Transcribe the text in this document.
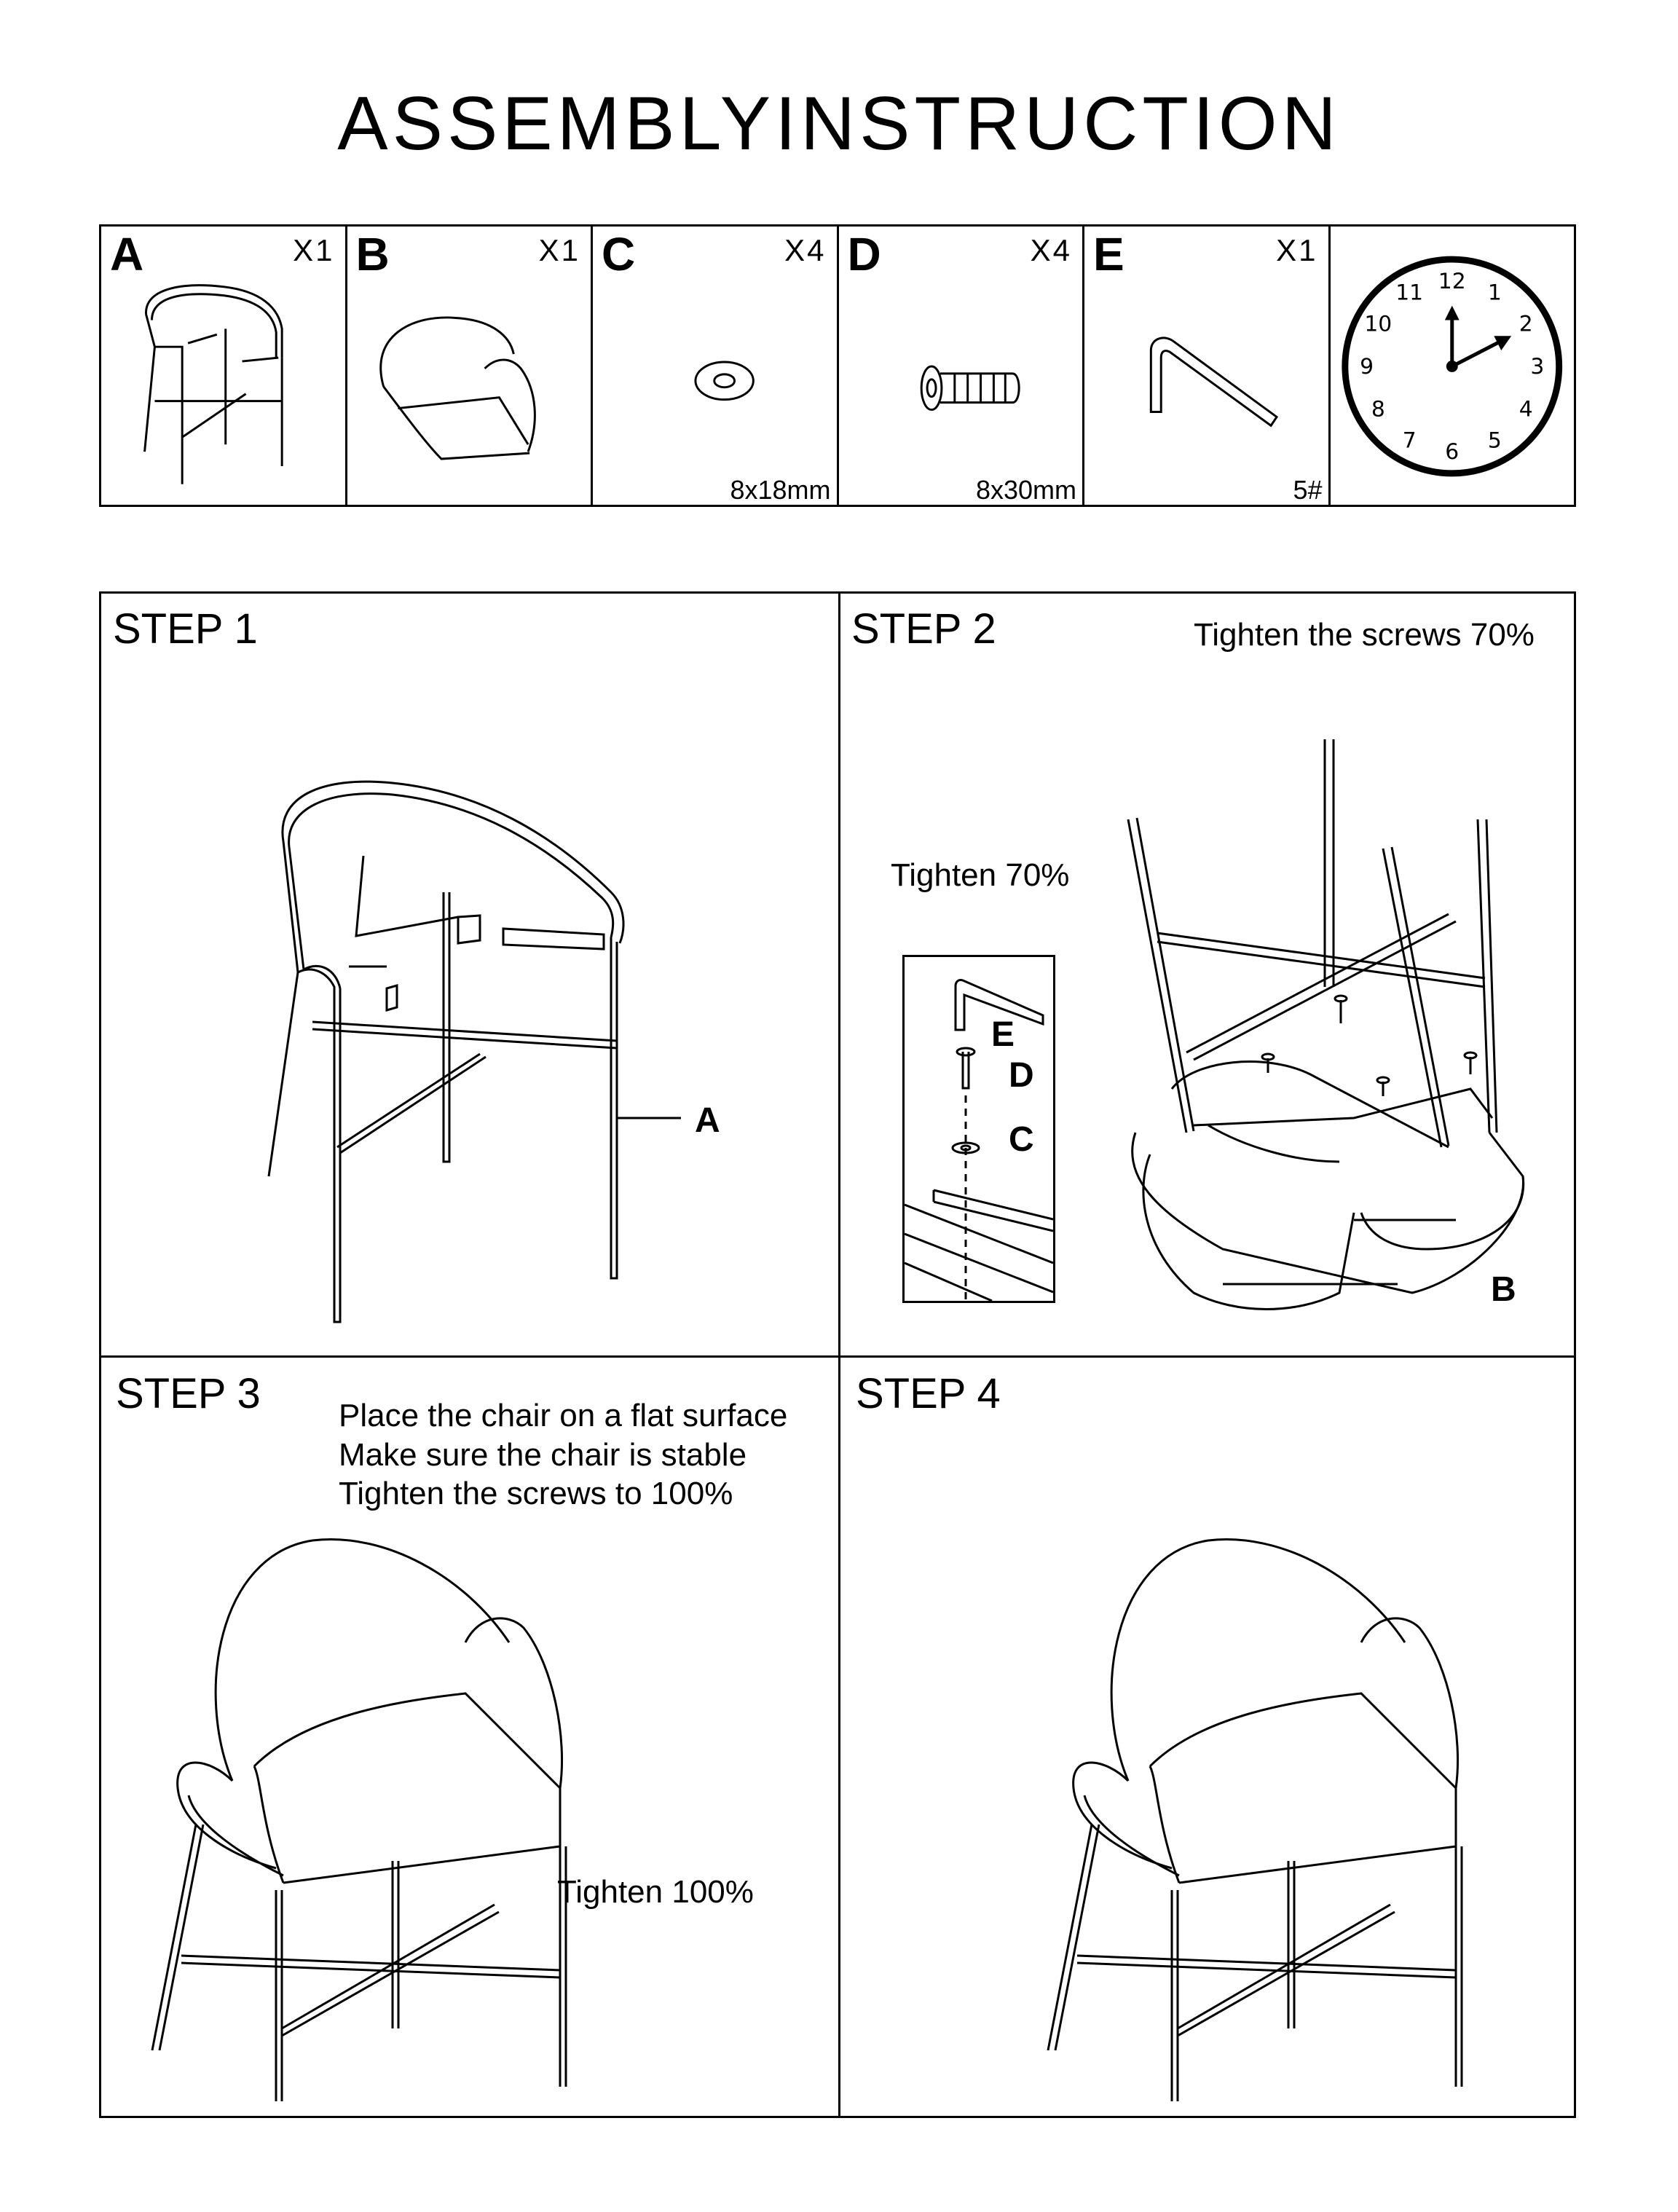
ASSEMBLYINSTRUCTION
A	X1 B	X1 C	X4
8x18mm
D	X4
8x30mm
E	X1
5#
12 1
2
3
4
5
6
7
8
9
10
11
STEP 1
A
STEP 2	Tighten the screws 70%
Tighten 70%
E
D
C
B
STEP 3 Place the chair on a flat surface
Make sure the chair is stable
Tighten the screws to 100%
Tighten 100%
STEP 4
